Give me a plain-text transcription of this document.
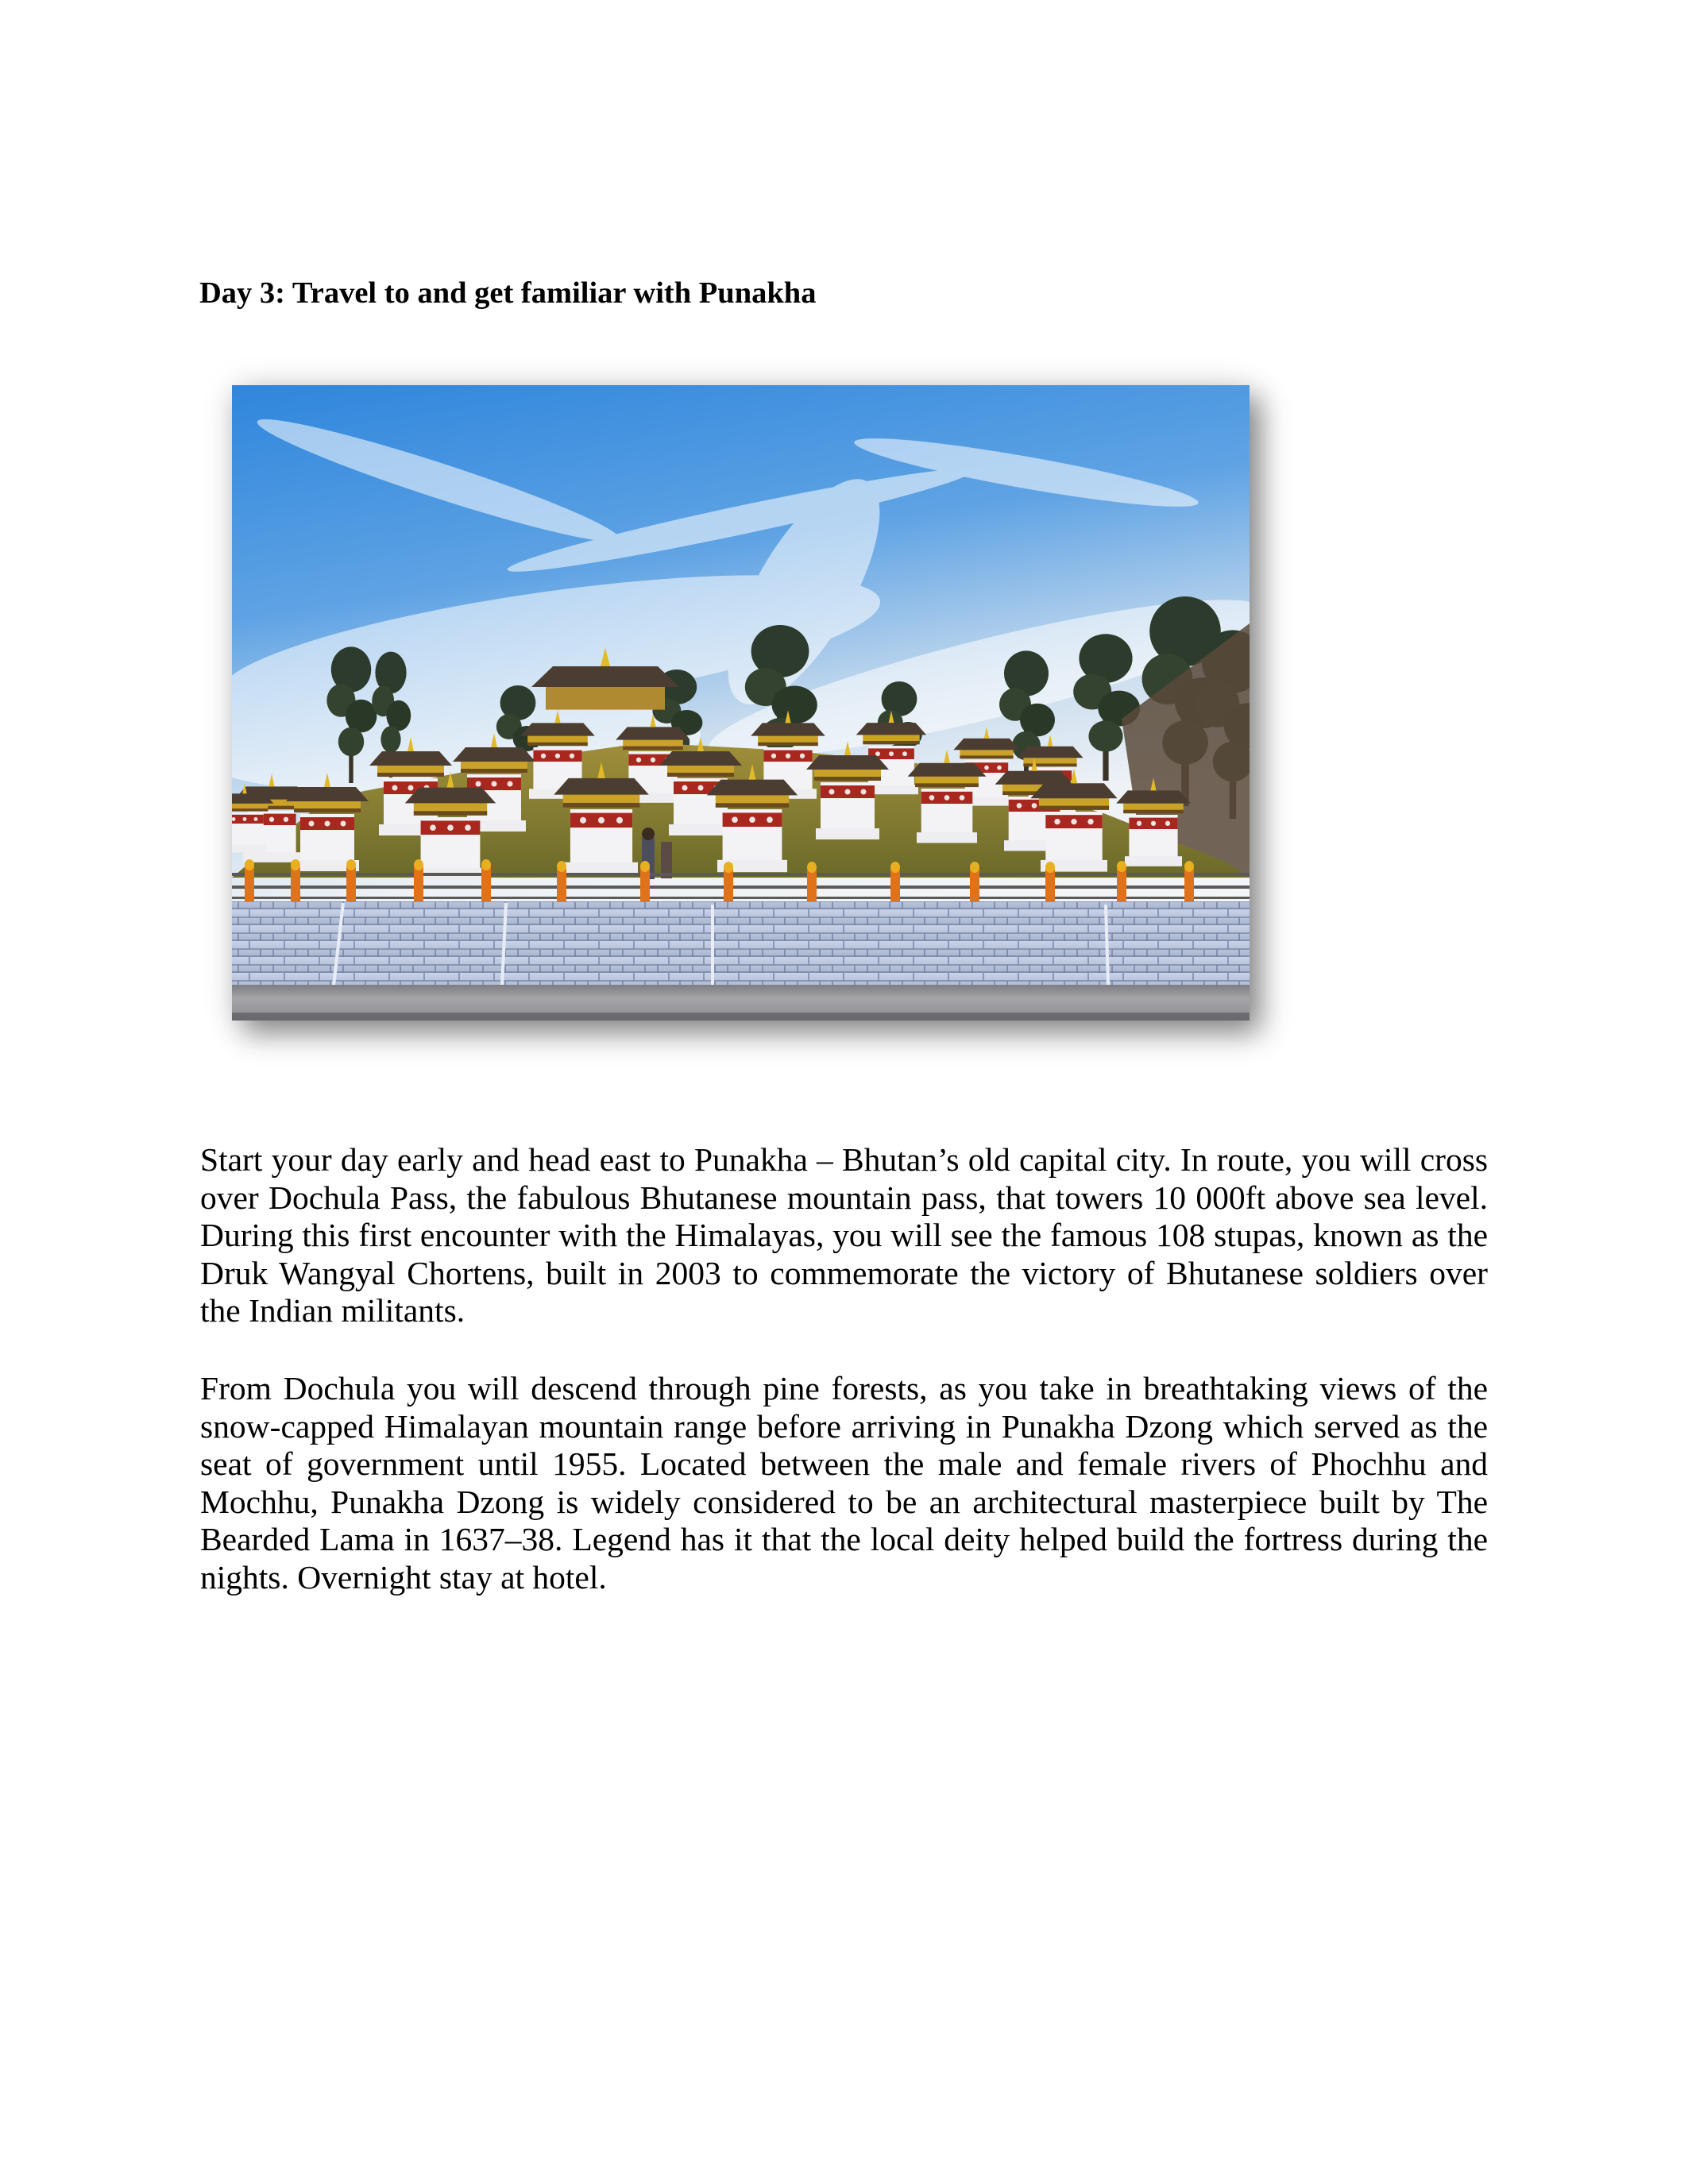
Day 3: Travel to and get familiar with Punakha

Start your day early and head east to Punakha – Bhutan’s old capital city. In route, you will cross over Dochula Pass, the fabulous Bhutanese mountain pass, that towers 10 000ft above sea level. During this first encounter with the Himalayas, you will see the famous 108 stupas, known as the Druk Wangyal Chortens, built in 2003 to commemorate the victory of Bhutanese soldiers over the Indian militants.

From Dochula you will descend through pine forests, as you take in breathtaking views of the snow-capped Himalayan mountain range before arriving in Punakha Dzong which served as the seat of government until 1955. Located between the male and female rivers of Phochhu and Mochhu, Punakha Dzong is widely considered to be an architectural masterpiece built by The Bearded Lama in 1637–38. Legend has it that the local deity helped build the fortress during the nights. Overnight stay at hotel.
